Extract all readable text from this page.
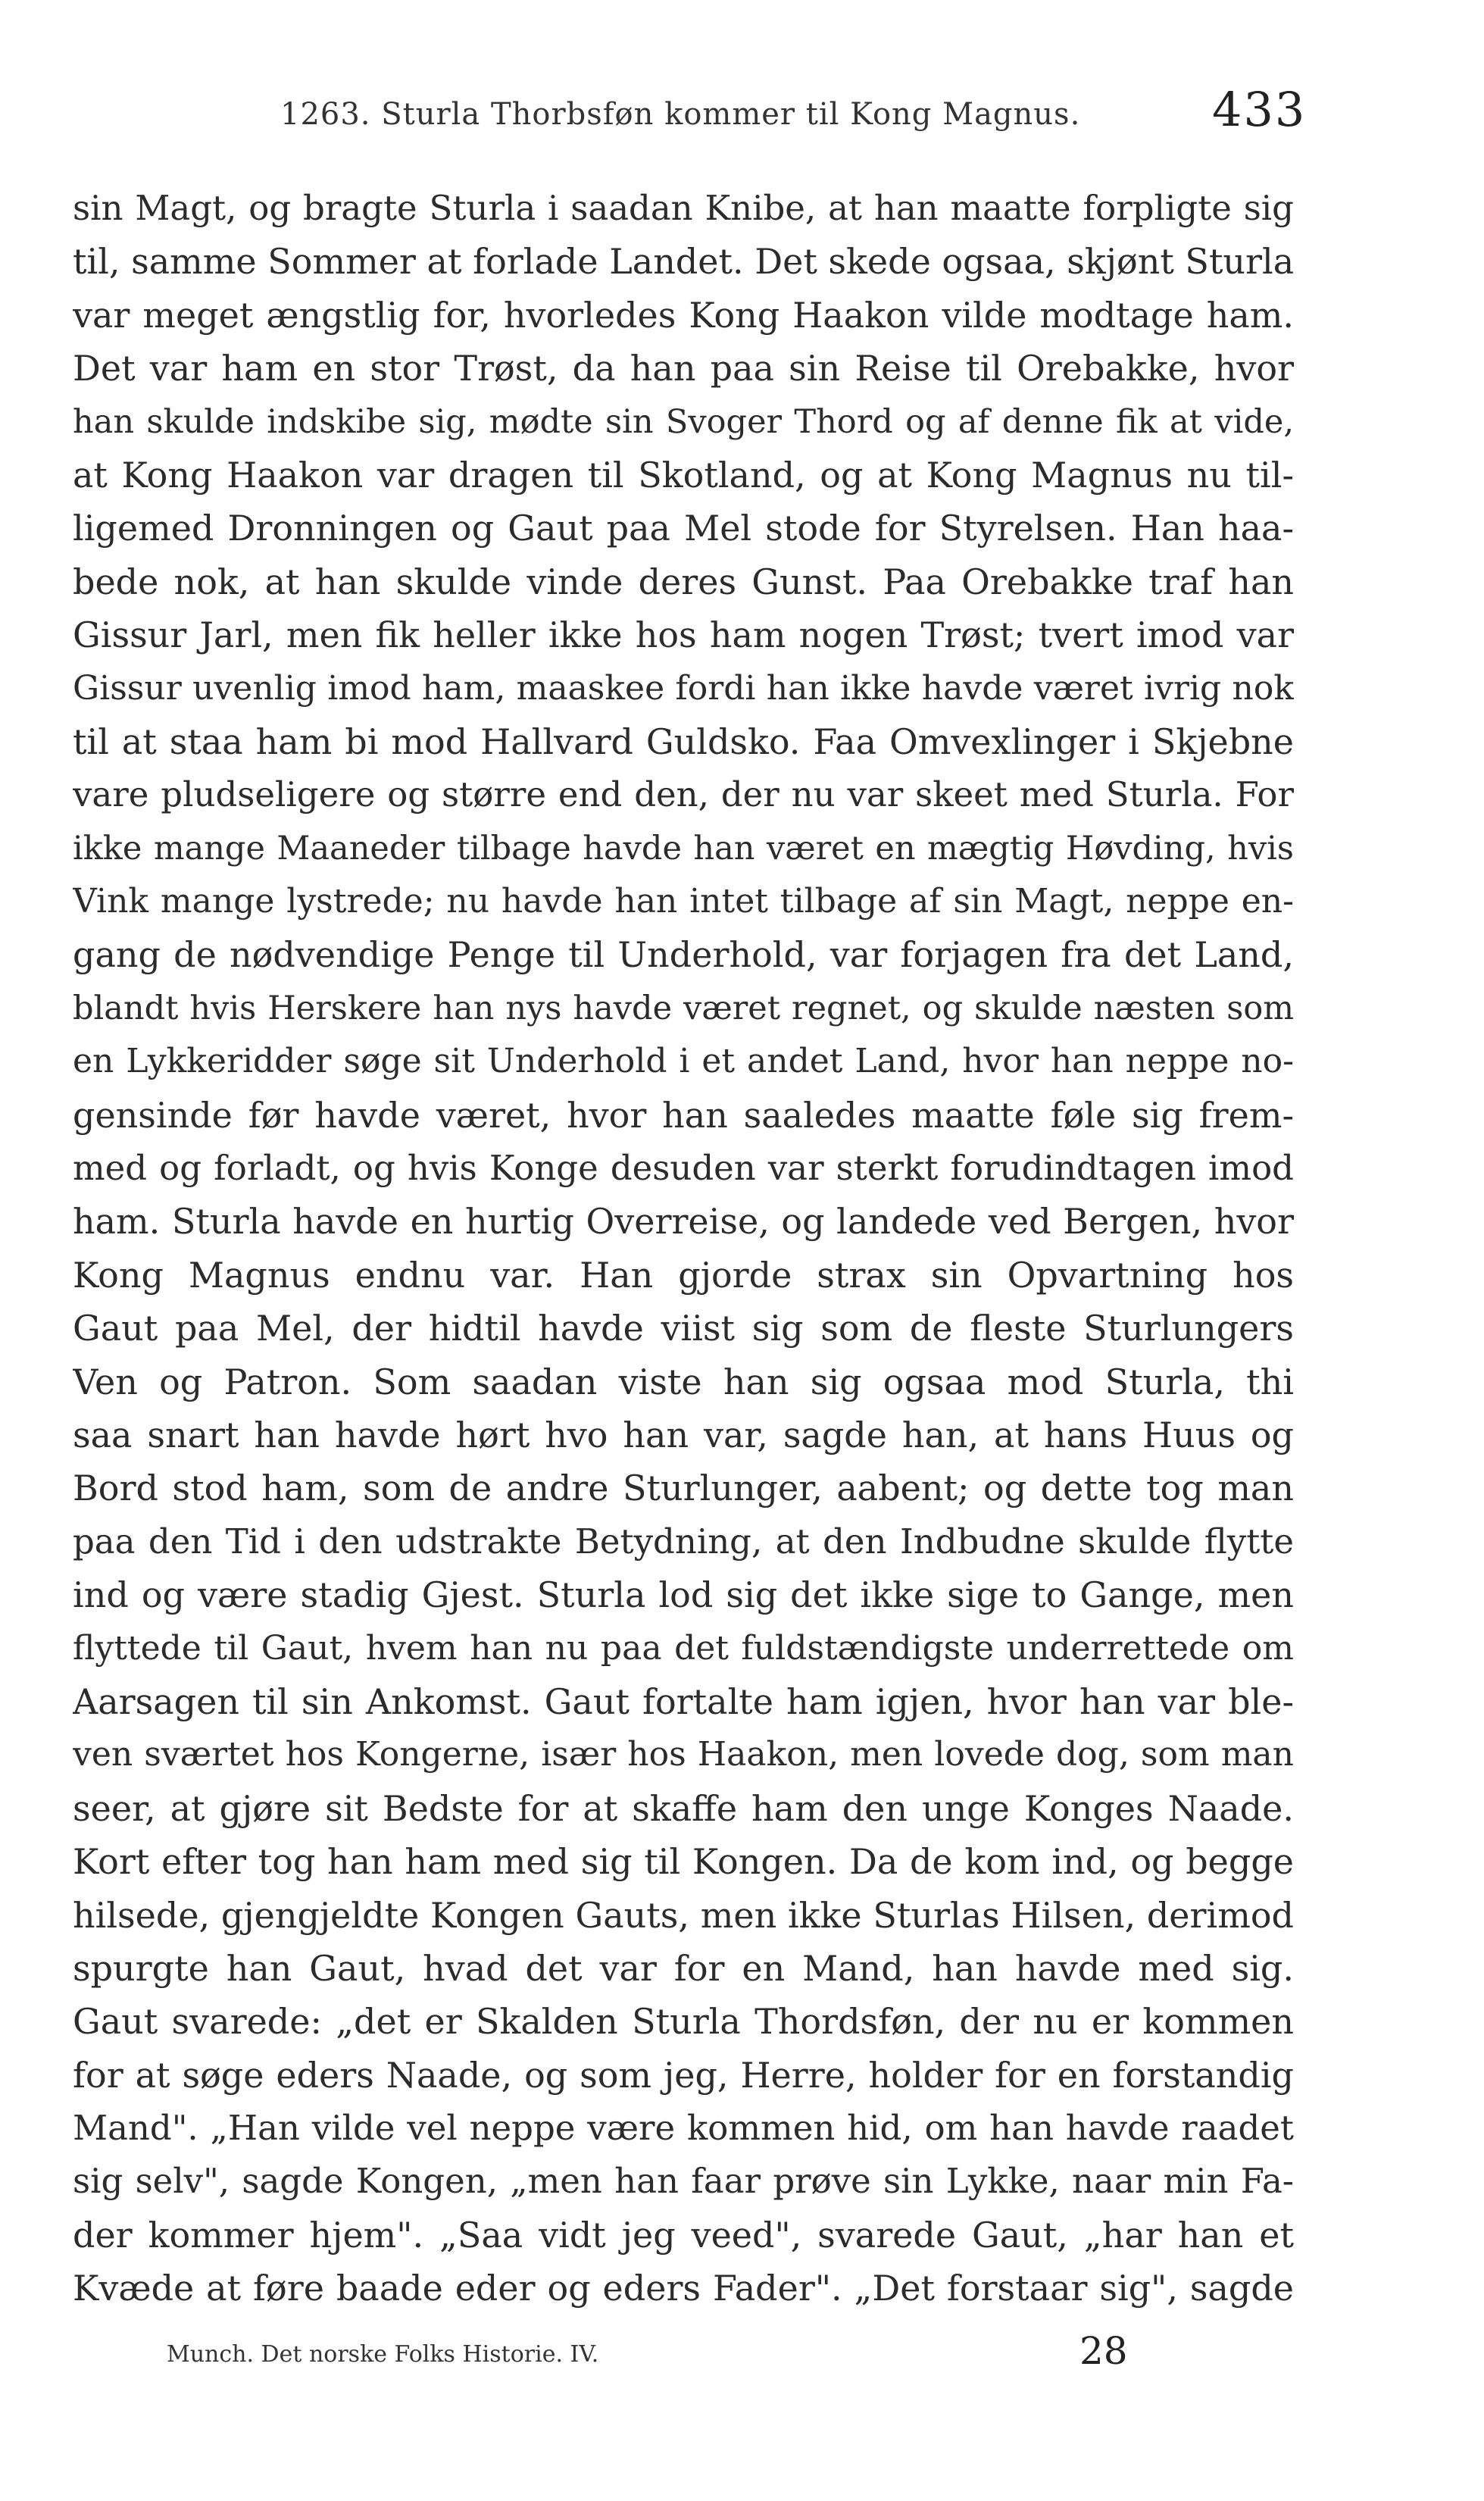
1263. Sturla Thorbsføn kommer til Kong Magnus.	433
sin Magt, og bragte Sturla i saadan Knibe, at han maatte forpligte sig
til, samme Sommer at forlade Landet. Det skede ogsaa, skjønt Sturla
var meget ængstlig for, hvorledes Kong Haakon vilde modtage ham.
Det var ham en stor Trøst, da han paa sin Reise til Orebakke, hvor
han skulde indskibe sig, mødte sin Svoger Thord og af denne fik at vide,
at Kong Haakon var dragen til Skotland, og at Kong Magnus nu til-
ligemed Dronningen og Gaut paa Mel stode for Styrelsen. Han haa-
bede nok, at han skulde vinde deres Gunst. Paa Orebakke traf han
Gissur Jarl, men fik heller ikke hos ham nogen Trøst; tvert imod var
Gissur uvenlig imod ham, maaskee fordi han ikke havde været ivrig nok
til at staa ham bi mod Hallvard Guldsko. Faa Omvexlinger i Skjebne
vare pludseligere og større end den, der nu var skeet med Sturla. For
ikke mange Maaneder tilbage havde han været en mægtig Høvding, hvis
Vink mange lystrede; nu havde han intet tilbage af sin Magt, neppe en-
gang de nødvendige Penge til Underhold, var forjagen fra det Land,
blandt hvis Herskere han nys havde været regnet, og skulde næsten som
en Lykkeridder søge sit Underhold i et andet Land, hvor han neppe no-
gensinde før havde været, hvor han saaledes maatte føle sig frem-
med og forladt, og hvis Konge desuden var sterkt forudindtagen imod
ham. Sturla havde en hurtig Overreise, og landede ved Bergen, hvor
Kong Magnus endnu var. Han gjorde strax sin Opvartning hos
Gaut paa Mel, der hidtil havde viist sig som de fleste Sturlungers
Ven og Patron. Som saadan viste han sig ogsaa mod Sturla, thi
saa snart han havde hørt hvo han var, sagde han, at hans Huus og
Bord stod ham, som de andre Sturlunger, aabent; og dette tog man
paa den Tid i den udstrakte Betydning, at den Indbudne skulde flytte
ind og være stadig Gjest. Sturla lod sig det ikke sige to Gange, men
flyttede til Gaut, hvem han nu paa det fuldstændigste underrettede om
Aarsagen til sin Ankomst. Gaut fortalte ham igjen, hvor han var ble-
ven sværtet hos Kongerne, især hos Haakon, men lovede dog, som man
seer, at gjøre sit Bedste for at skaffe ham den unge Konges Naade.
Kort efter tog han ham med sig til Kongen. Da de kom ind, og begge
hilsede, gjengjeldte Kongen Gauts, men ikke Sturlas Hilsen, derimod
spurgte han Gaut, hvad det var for en Mand, han havde med sig.
Gaut svarede: „det er Skalden Sturla Thordsføn, der nu er kommen
for at søge eders Naade, og som jeg, Herre, holder for en forstandig
Mand". „Han vilde vel neppe være kommen hid, om han havde raadet
sig selv", sagde Kongen, „men han faar prøve sin Lykke, naar min Fa-
der kommer hjem". „Saa vidt jeg veed", svarede Gaut, „har han et
Kvæde at føre baade eder og eders Fader". „Det forstaar sig", sagde
Munch. Det norske Folks Historie. IV.	28
